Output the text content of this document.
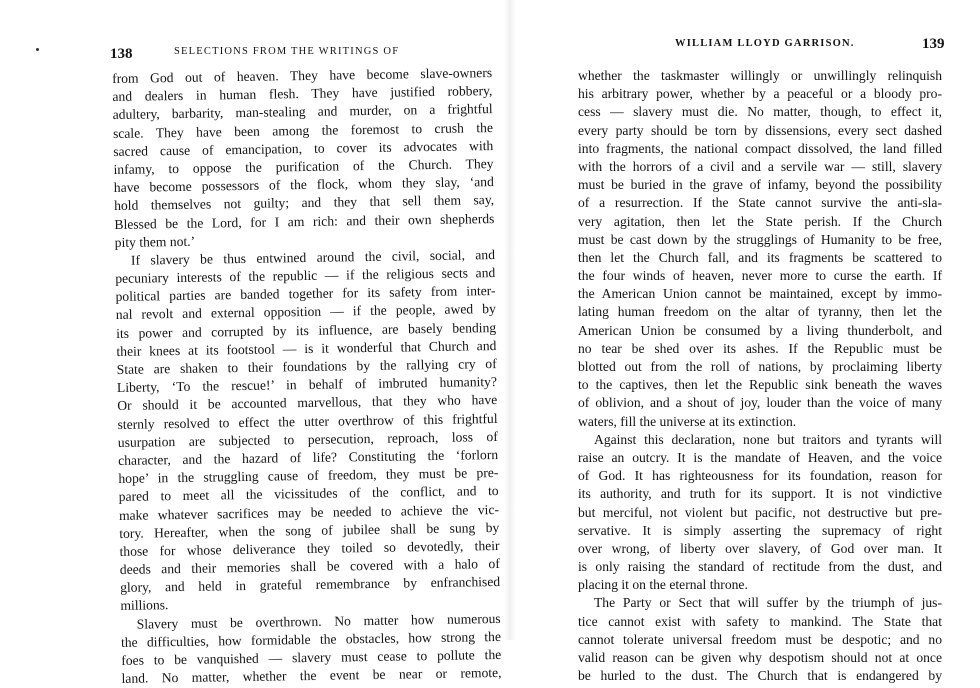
138	SELECTIONS FROM THE WRITINGS OF
from God out of heaven. They have become slave-owners
and dealers in human flesh. They have justified robbery,
adultery, barbarity, man-stealing and murder, on a frightful
scale. They have been among the foremost to crush the
sacred cause of emancipation, to cover its advocates with
infamy, to oppose the purification of the Church. They
have become possessors of the flock, whom they slay, ‘and
hold themselves not guilty; and they that sell them say,
Blessed be the Lord, for I am rich: and their own shepherds
pity them not.’
If slavery be thus entwined around the civil, social, and
pecuniary interests of the republic — if the religious sects and
political parties are banded together for its safety from inter-
nal revolt and external opposition — if the people, awed by
its power and corrupted by its influence, are basely bending
their knees at its footstool — is it wonderful that Church and
State are shaken to their foundations by the rallying cry of
Liberty, ‘To the rescue!’ in behalf of imbruted humanity?
Or should it be accounted marvellous, that they who have
sternly resolved to effect the utter overthrow of this frightful
usurpation are subjected to persecution, reproach, loss of
character, and the hazard of life? Constituting the ‘forlorn
hope’ in the struggling cause of freedom, they must be pre-
pared to meet all the vicissitudes of the conflict, and to
make whatever sacrifices may be needed to achieve the vic-
tory. Hereafter, when the song of jubilee shall be sung by
those for whose deliverance they toiled so devotedly, their
deeds and their memories shall be covered with a halo of
glory, and held in grateful remembrance by enfranchised
millions.
Slavery must be overthrown. No matter how numerous
the difficulties, how formidable the obstacles, how strong the
foes to be vanquished — slavery must cease to pollute the
land. No matter, whether the event be near or remote,
WILLIAM LLOYD GARRISON.	139
whether the taskmaster willingly or unwillingly relinquish
his arbitrary power, whether by a peaceful or a bloody pro-
cess — slavery must die. No matter, though, to effect it,
every party should be torn by dissensions, every sect dashed
into fragments, the national compact dissolved, the land filled
with the horrors of a civil and a servile war — still, slavery
must be buried in the grave of infamy, beyond the possibility
of a resurrection. If the State cannot survive the anti-sla-
very agitation, then let the State perish. If the Church
must be cast down by the strugglings of Humanity to be free,
then let the Church fall, and its fragments be scattered to
the four winds of heaven, never more to curse the earth. If
the American Union cannot be maintained, except by immo-
lating human freedom on the altar of tyranny, then let the
American Union be consumed by a living thunderbolt, and
no tear be shed over its ashes. If the Republic must be
blotted out from the roll of nations, by proclaiming liberty
to the captives, then let the Republic sink beneath the waves
of oblivion, and a shout of joy, louder than the voice of many
waters, fill the universe at its extinction.
Against this declaration, none but traitors and tyrants will
raise an outcry. It is the mandate of Heaven, and the voice
of God. It has righteousness for its foundation, reason for
its authority, and truth for its support. It is not vindictive
but merciful, not violent but pacific, not destructive but pre-
servative. It is simply asserting the supremacy of right
over wrong, of liberty over slavery, of God over man. It
is only raising the standard of rectitude from the dust, and
placing it on the eternal throne.
The Party or Sect that will suffer by the triumph of jus-
tice cannot exist with safety to mankind. The State that
cannot tolerate universal freedom must be despotic; and no
valid reason can be given why despotism should not at once
be hurled to the dust. The Church that is endangered by
